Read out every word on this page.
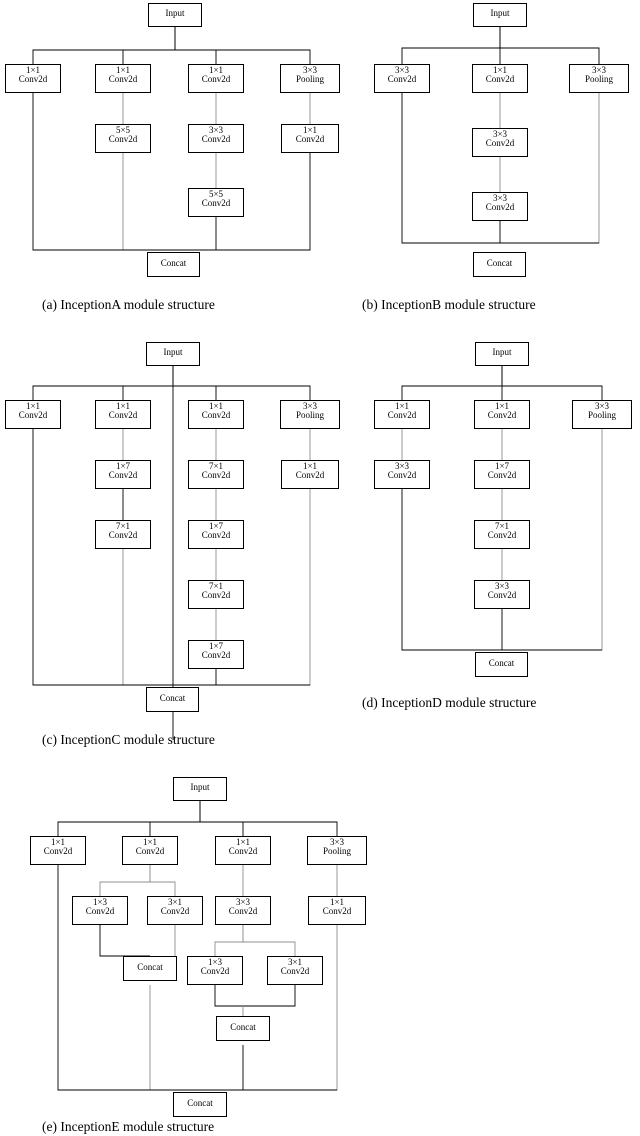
Input
1×1
Conv2d
1×1
Conv2d
1×1
Conv2d
3×3
Pooling
5×5
Conv2d
3×3
Conv2d
1×1
Conv2d
5×5
Conv2d
Concat
(a) InceptionA module structure
Input
3×3
Conv2d
1×1
Conv2d
3×3
Pooling
3×3
Conv2d
3×3
Conv2d
Concat
(b) InceptionB module structure
Input
1×1
Conv2d
1×1
Conv2d
1×1
Conv2d
3×3
Pooling
1×7
Conv2d
7×1
Conv2d
1×1
Conv2d
7×1
Conv2d
1×7
Conv2d
7×1
Conv2d
1×7
Conv2d
Concat
(c) InceptionC module structure
Input
1×1
Conv2d
1×1
Conv2d
3×3
Pooling
3×3
Conv2d
1×7
Conv2d
7×1
Conv2d
3×3
Conv2d
Concat
(d) InceptionD module structure
Input
1×1
Conv2d
1×1
Conv2d
1×1
Conv2d
3×3
Pooling
1×3
Conv2d
3×1
Conv2d
3×3
Conv2d
1×1
Conv2d
Concat	1×3
Conv2d
3×1
Conv2d
Concat
Concat
(e) InceptionE module structure
